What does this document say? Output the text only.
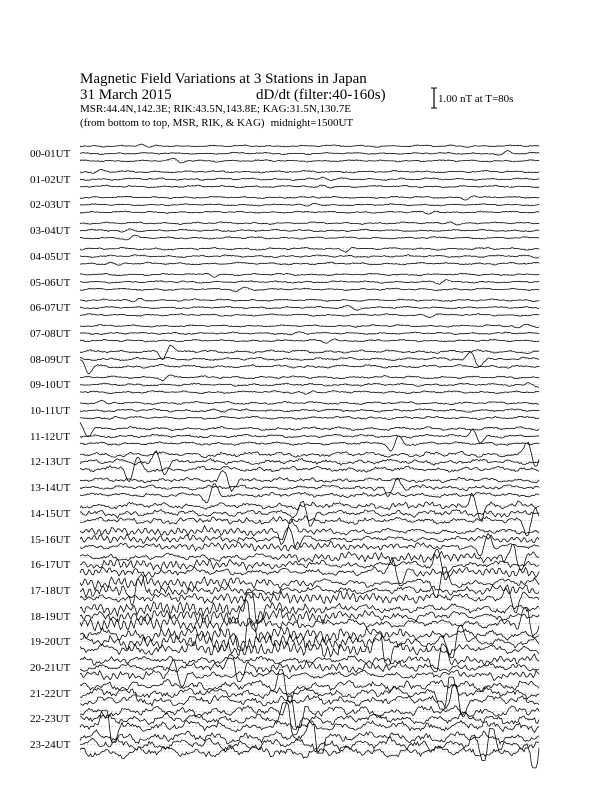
Magnetic Field Variations at 3 Stations in Japan
31 March 2015	dD/dt (filter:40-160s)
MSR:44.4N,142.3E; RIK:43.5N,143.8E; KAG:31.5N,130.7E
(from bottom to top, MSR, RIK, & KAG) midnight=1500UT
1.00 nT at T=80s
00-01UT
01-02UT
02-03UT
03-04UT
04-05UT
05-06UT
06-07UT
07-08UT
08-09UT
09-10UT
10-11UT
11-12UT
12-13UT
13-14UT
14-15UT
15-16UT
16-17UT
17-18UT
18-19UT
19-20UT
20-21UT
21-22UT
22-23UT
23-24UT
